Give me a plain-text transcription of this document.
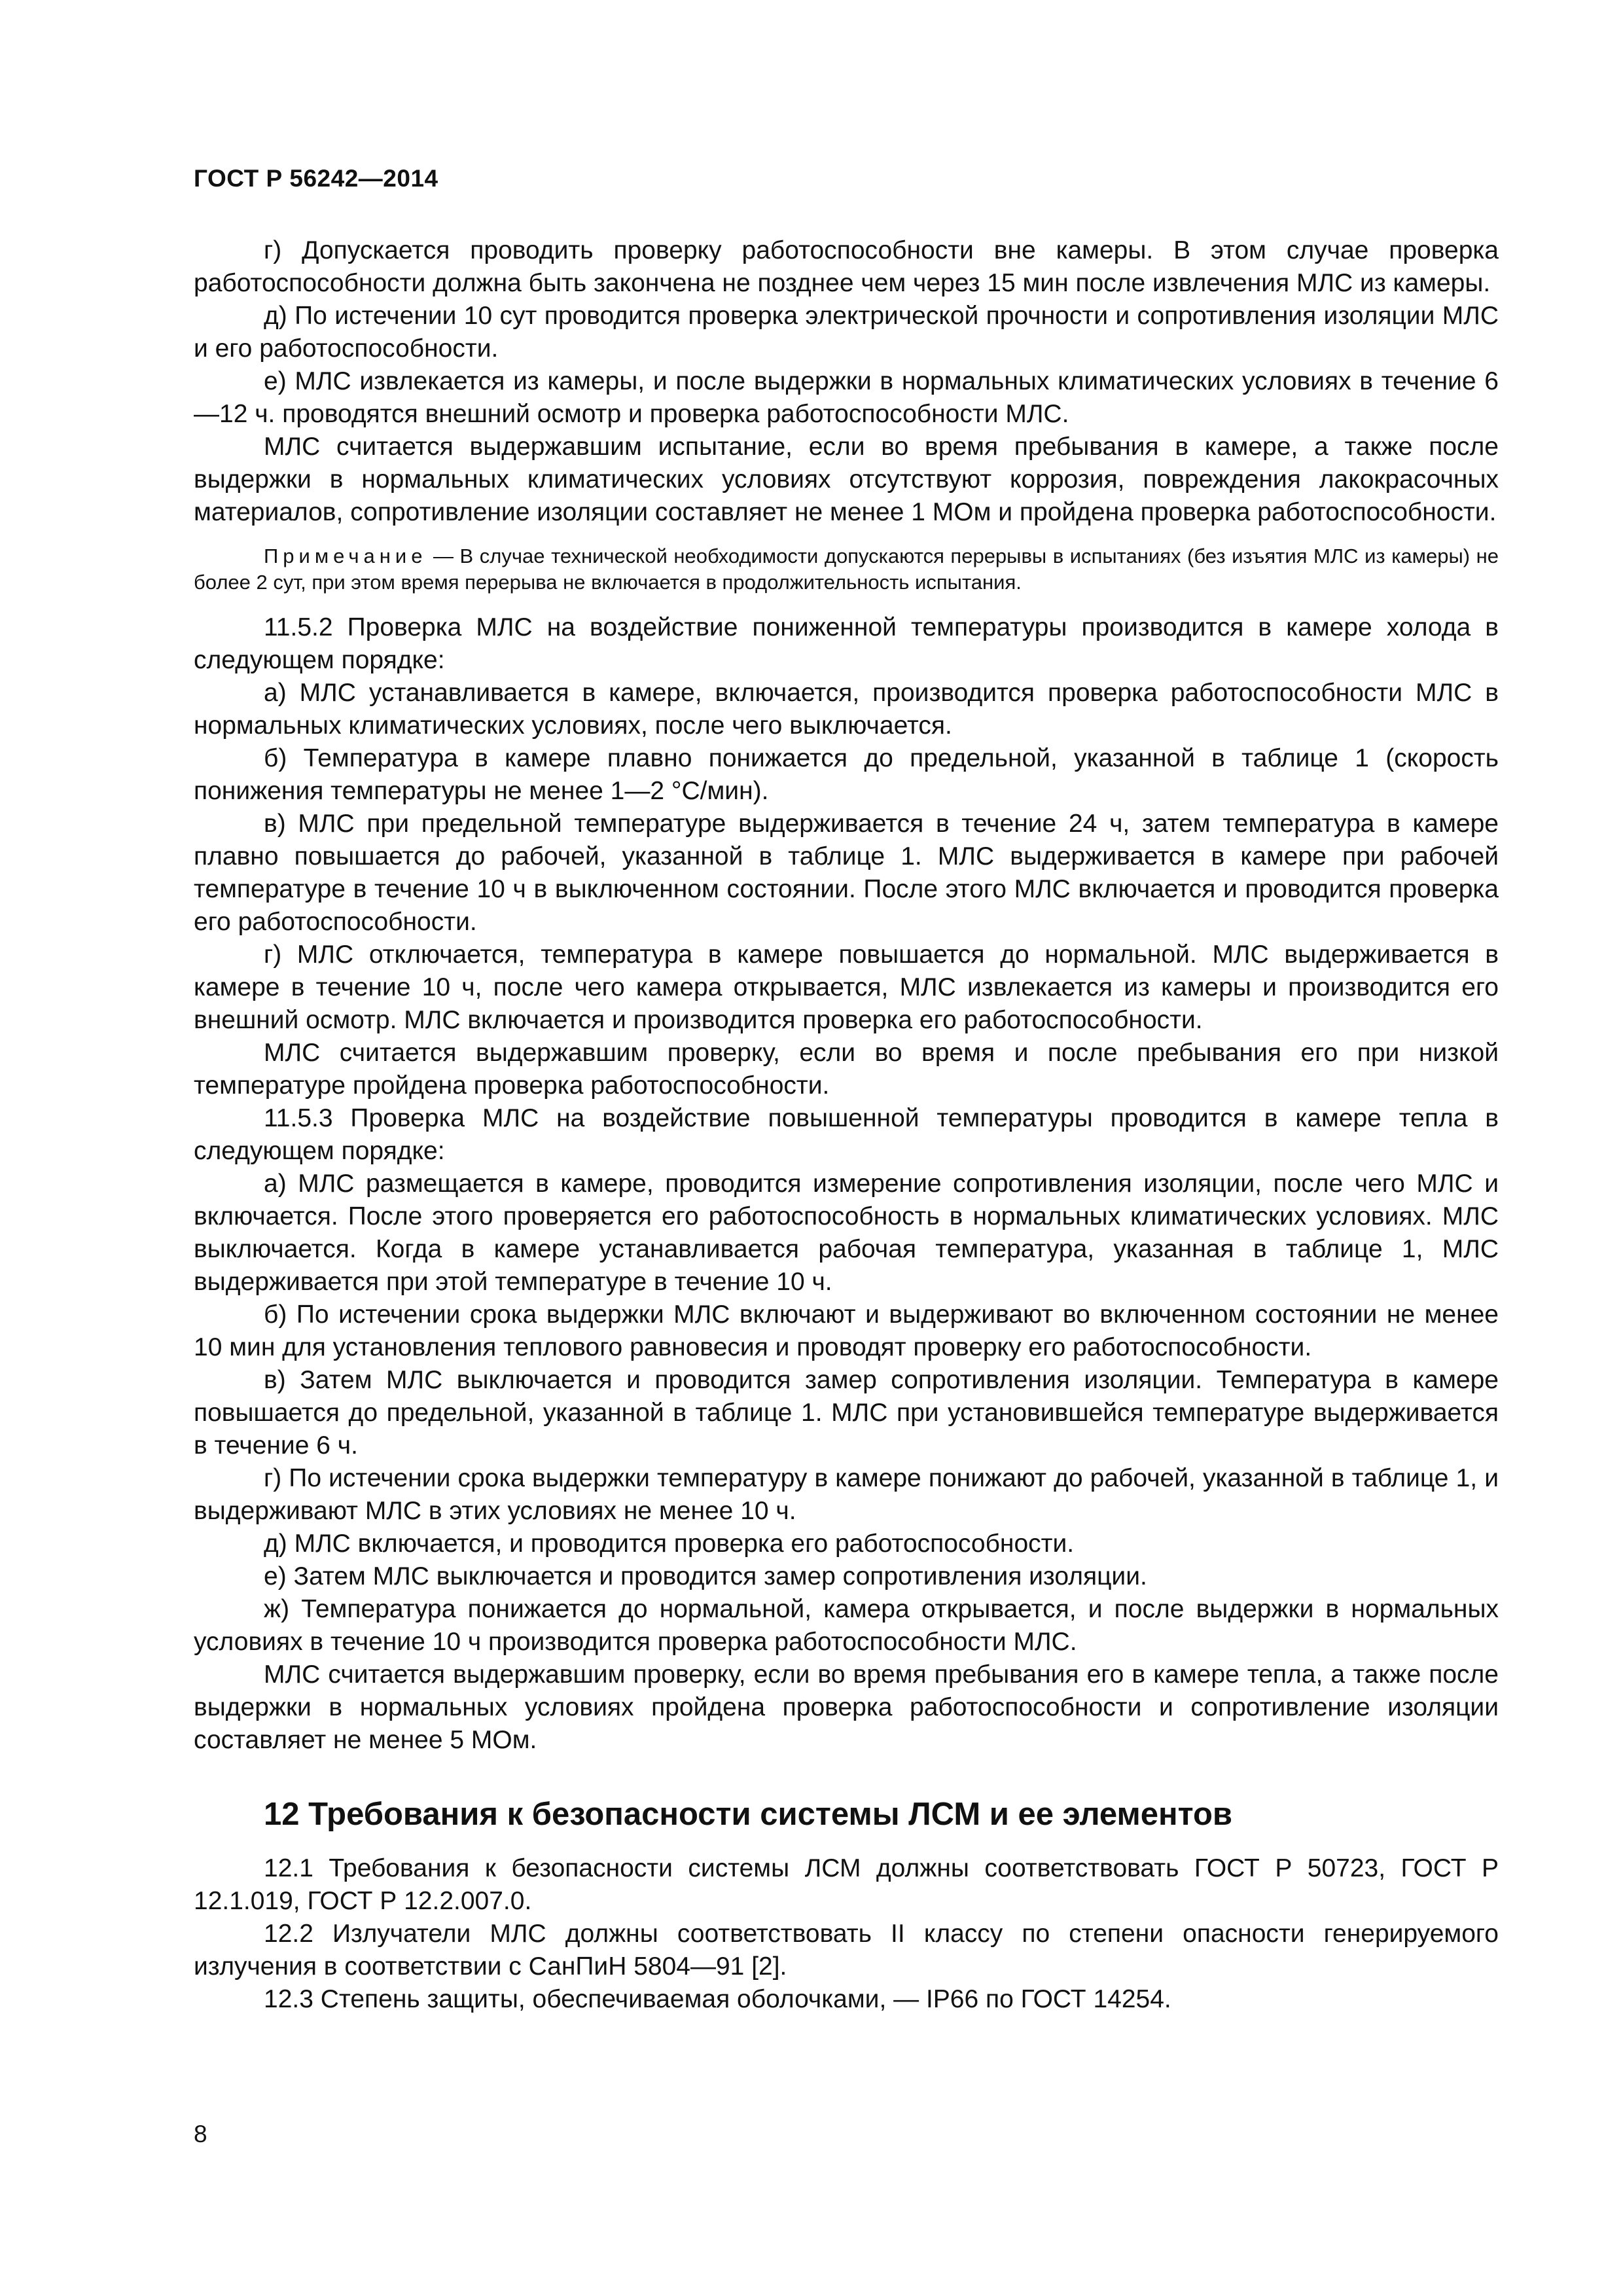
ГОСТ Р 56242—2014

г) Допускается проводить проверку работоспособности вне камеры. В этом случае проверка работоспособности должна быть закончена не позднее чем через 15 мин после извлечения МЛС из камеры.

д) По истечении 10 сут проводится проверка электрической прочности и сопротивления изоляции МЛС и его работоспособности.

е) МЛС извлекается из камеры, и после выдержки в нормальных климатических условиях в течение 6—12 ч. проводятся внешний осмотр и проверка работоспособности МЛС.

МЛС считается выдержавшим испытание, если во время пребывания в камере, а также после выдержки в нормальных климатических условиях отсутствуют коррозия, повреждения лакокрасочных материалов, сопротивление изоляции составляет не менее 1 МОм и пройдена проверка работоспособности.

Примечание — В случае технической необходимости допускаются перерывы в испытаниях (без изъятия МЛС из камеры) не более 2 сут, при этом время перерыва не включается в продолжительность испытания.

11.5.2 Проверка МЛС на воздействие пониженной температуры производится в камере холода в следующем порядке:

а) МЛС устанавливается в камере, включается, производится проверка работоспособности МЛС в нормальных климатических условиях, после чего выключается.

б) Температура в камере плавно понижается до предельной, указанной в таблице 1 (скорость понижения температуры не менее 1—2 °С/мин).

в) МЛС при предельной температуре выдерживается в течение 24 ч, затем температура в камере плавно повышается до рабочей, указанной в таблице 1. МЛС выдерживается в камере при рабочей температуре в течение 10 ч в выключенном состоянии. После этого МЛС включается и проводится проверка его работоспособности.

г) МЛС отключается, температура в камере повышается до нормальной. МЛС выдерживается в камере в течение 10 ч, после чего камера открывается, МЛС извлекается из камеры и производится его внешний осмотр. МЛС включается и производится проверка его работоспособности.

МЛС считается выдержавшим проверку, если во время и после пребывания его при низкой температуре пройдена проверка работоспособности.

11.5.3 Проверка МЛС на воздействие повышенной температуры проводится в камере тепла в следующем порядке:

а) МЛС размещается в камере, проводится измерение сопротивления изоляции, после чего МЛС и включается. После этого проверяется его работоспособность в нормальных климатических условиях. МЛС выключается. Когда в камере устанавливается рабочая температура, указанная в таблице 1, МЛС выдерживается при этой температуре в течение 10 ч.

б) По истечении срока выдержки МЛС включают и выдерживают во включенном состоянии не менее 10 мин для установления теплового равновесия и проводят проверку его работоспособности.

в) Затем МЛС выключается и проводится замер сопротивления изоляции. Температура в камере повышается до предельной, указанной в таблице 1. МЛС при установившейся температуре выдерживается в течение 6 ч.

г) По истечении срока выдержки температуру в камере понижают до рабочей, указанной в таблице 1, и выдерживают МЛС в этих условиях не менее 10 ч.

д) МЛС включается, и проводится проверка его работоспособности.

е) Затем МЛС выключается и проводится замер сопротивления изоляции.

ж) Температура понижается до нормальной, камера открывается, и после выдержки в нормальных условиях в течение 10 ч производится проверка работоспособности МЛС.

МЛС считается выдержавшим проверку, если во время пребывания его в камере тепла, а также после выдержки в нормальных условиях пройдена проверка работоспособности и сопротивление изоляции составляет не менее 5 МОм.

12 Требования к безопасности системы ЛСМ и ее элементов

12.1 Требования к безопасности системы ЛСМ должны соответствовать ГОСТ Р 50723, ГОСТ Р 12.1.019, ГОСТ Р 12.2.007.0.

12.2 Излучатели МЛС должны соответствовать II классу по степени опасности генерируемого излучения в соответствии с СанПиН 5804—91 [2].

12.3 Степень защиты, обеспечиваемая оболочками, — IP66 по ГОСТ 14254.

8
